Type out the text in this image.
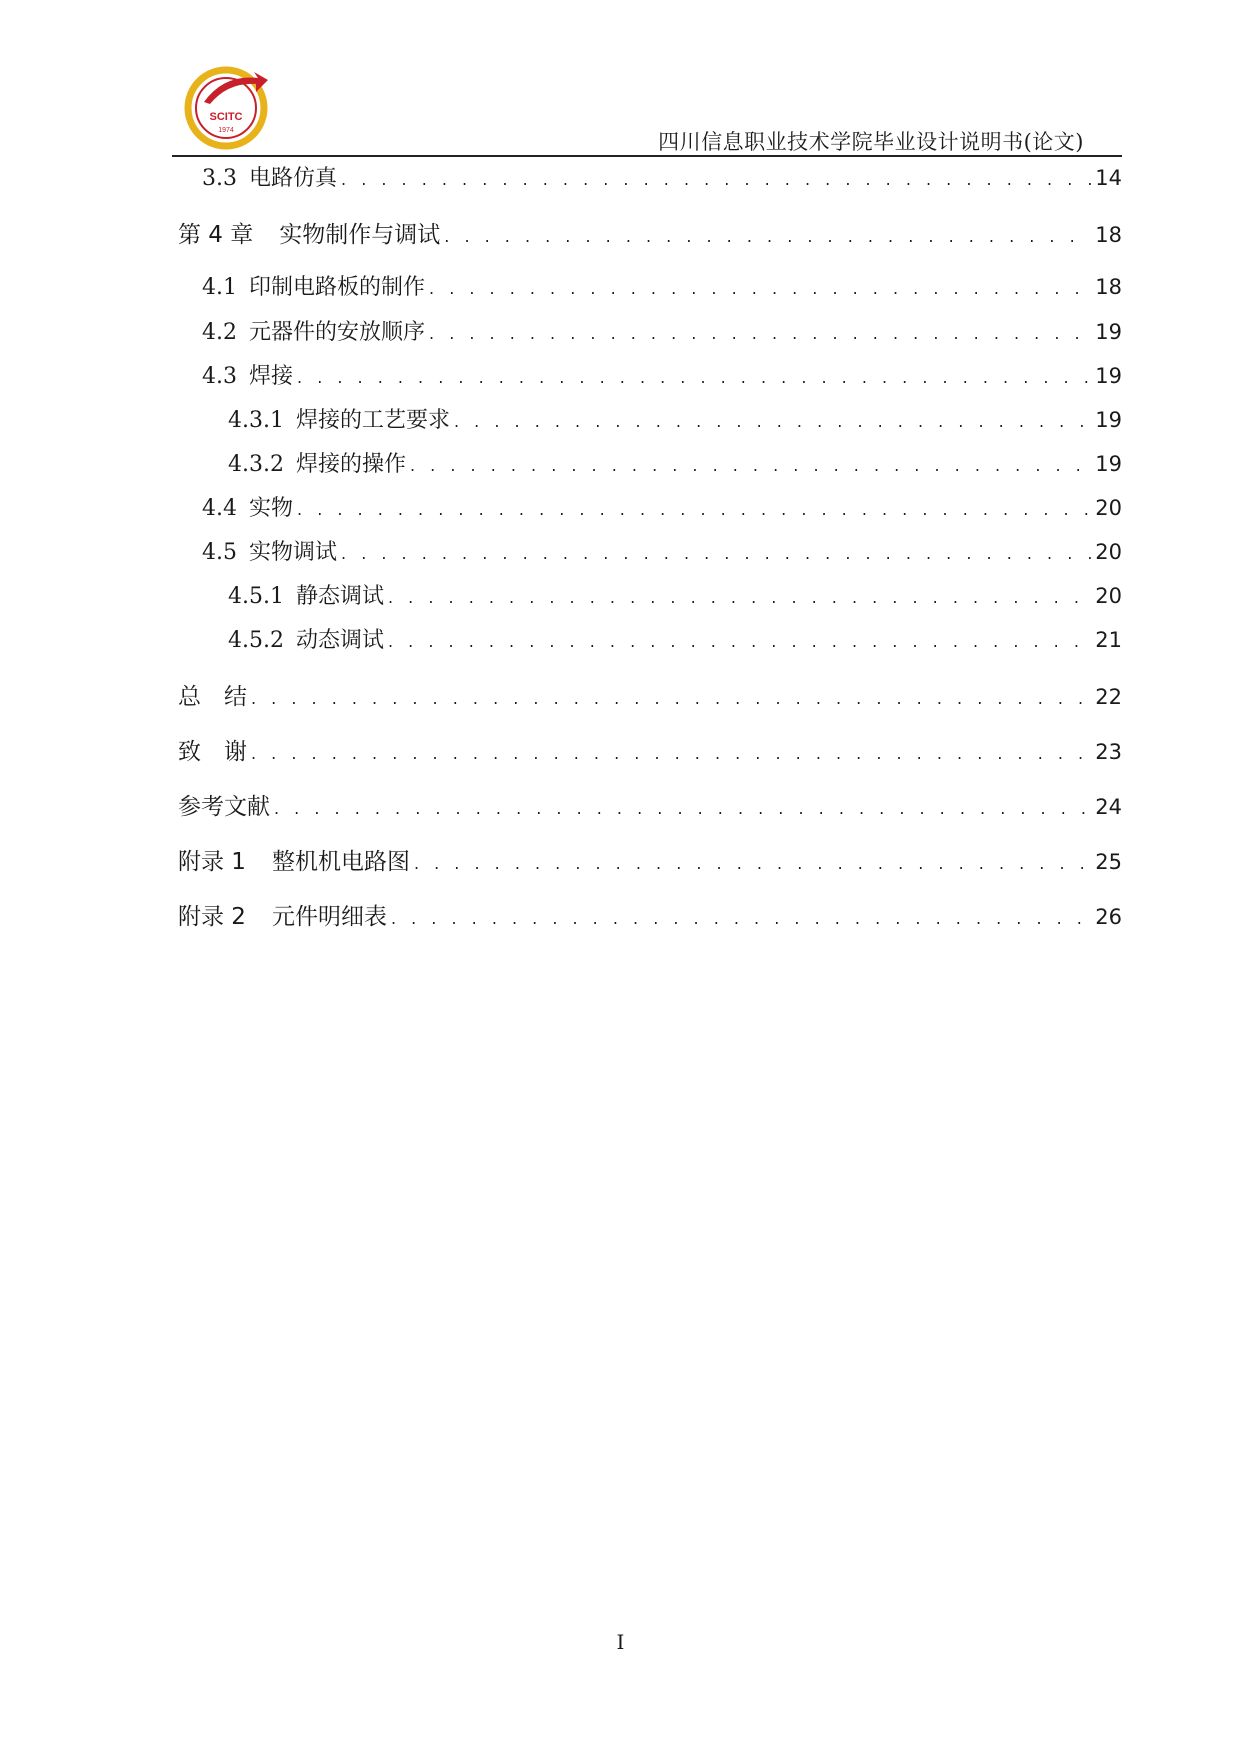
SCITC
1974	四川信息职业技术学院毕业设计说明书(论文)
3.3 电路仿真 . . .	14
第 4 章 实物制作与调试 . . .	18
4.1 印制电路板的制作 . . .	18
4.2 元器件的安放顺序 . . .	19
4.3 焊接 . . .	19
4.3.1 焊接的工艺要求 . . .	19
4.3.2 焊接的操作 . . .	19
4.4 实物 . . .	20
4.5 实物调试 . . .	20
4.5.1 静态调试 . . .	20
4.5.2 动态调试 . . .	21
总　结 . . .	22
致　谢 . . .	23
参考文献 . . .	24
附录 1 整机机电路图 . . .	25
附录 2 元件明细表 . . .	26
I
